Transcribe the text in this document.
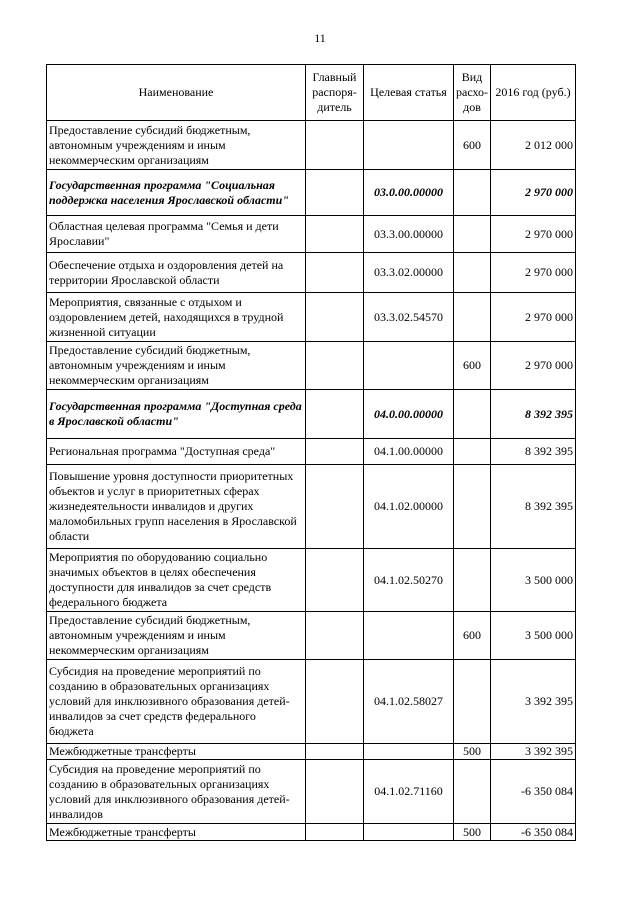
11
Наименование	Главный распоря-дитель	Целевая статья	Вид расхо-дов	2016 год (руб.)
Предоставление субсидий бюджетным, автономным учреждениям и иным некоммерческим организациям			600	2 012 000
Государственная программа "Социальная поддержка населения Ярославской области"		03.0.00.00000		2 970 000
Областная целевая программа "Семья и дети Ярославии"		03.3.00.00000		2 970 000
Обеспечение отдыха и оздоровления детей на территории Ярославской области		03.3.02.00000		2 970 000
Мероприятия, связанные с отдыхом и оздоровлением детей, находящихся в трудной жизненной ситуации		03.3.02.54570		2 970 000
Предоставление субсидий бюджетным, автономным учреждениям и иным некоммерческим организациям			600	2 970 000
Государственная программа "Доступная среда в Ярославской области"		04.0.00.00000		8 392 395
Региональная программа "Доступная среда"		04.1.00.00000		8 392 395
Повышение уровня доступности приоритетных объектов и услуг в приоритетных сферах жизнедеятельности инвалидов и других маломобильных групп населения в Ярославской области		04.1.02.00000		8 392 395
Мероприятия по оборудованию социально значимых объектов в целях обеспечения доступности для инвалидов за счет средств федерального бюджета		04.1.02.50270		3 500 000
Предоставление субсидий бюджетным, автономным учреждениям и иным некоммерческим организациям			600	3 500 000
Субсидия на проведение мероприятий по созданию в образовательных организациях условий для инклюзивного образования детей-инвалидов за счет средств федерального бюджета		04.1.02.58027		3 392 395
Межбюджетные трансферты			500	3 392 395
Субсидия на проведение мероприятий по созданию в образовательных организациях условий для инклюзивного образования детей-инвалидов		04.1.02.71160		-6 350 084
Межбюджетные трансферты			500	-6 350 084
